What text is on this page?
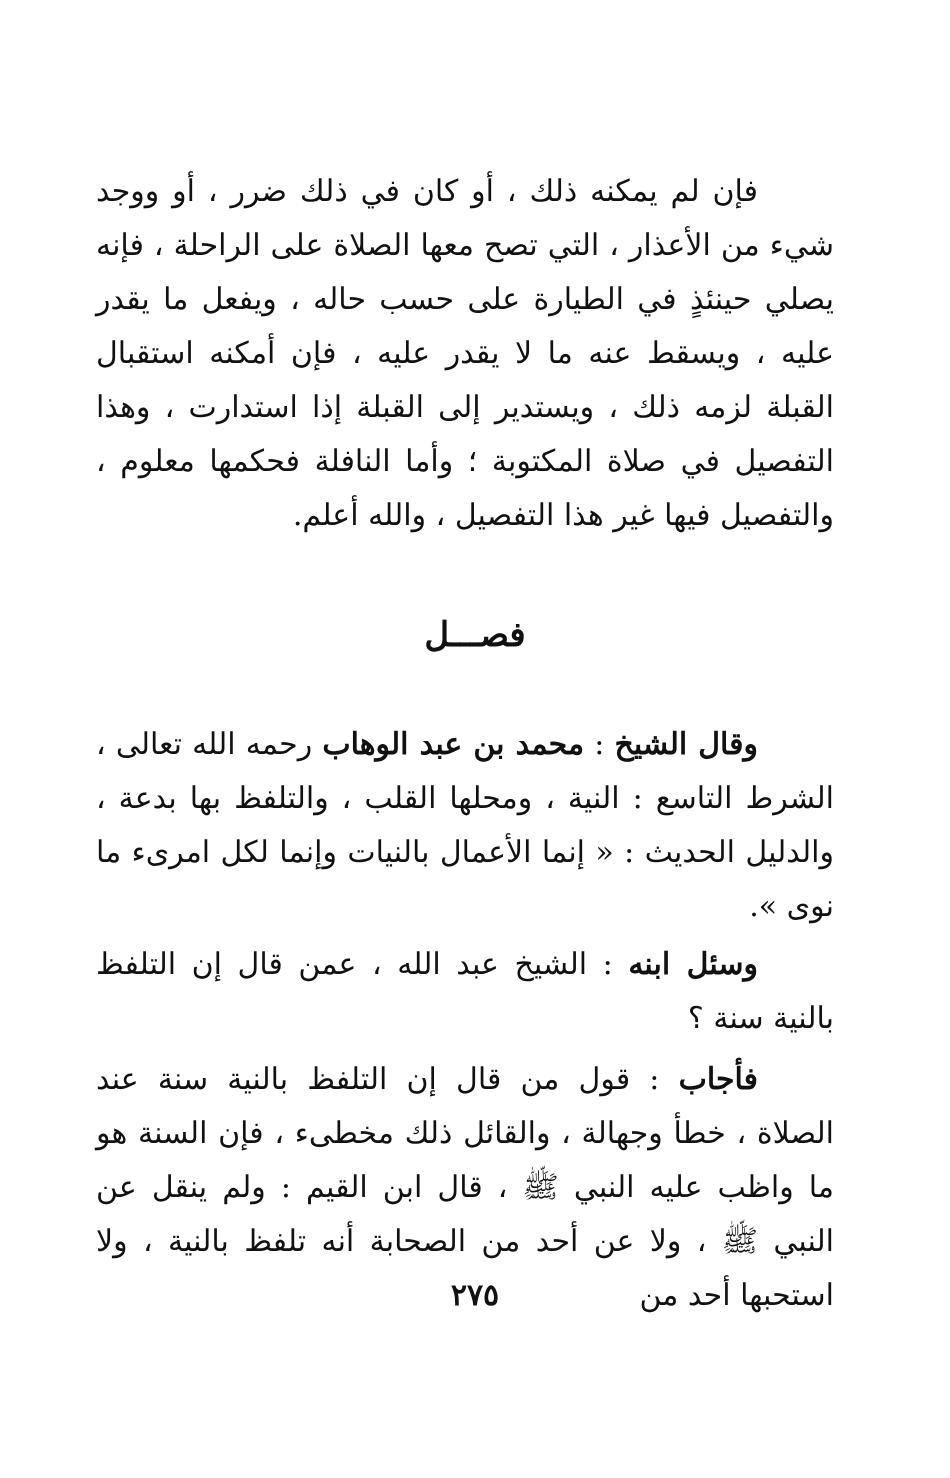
فإن لم يمكنه ذلك ، أو كان في ذلك ضرر ، أو ووجد شيء من الأعذار ، التي تصح معها الصلاة على الراحلة ، فإنه يصلي حينئذٍ في الطيارة على حسب حاله ، ويفعل ما يقدر عليه ، ويسقط عنه ما لا يقدر عليه ، فإن أمكنه استقبال القبلة لزمه ذلك ، ويستدير إلى القبلة إذا استدارت ، وهذا التفصيل في صلاة المكتوبة ؛ وأما النافلة فحكمها معلوم ، والتفصيل فيها غير هذا التفصيل ، والله أعلم.

فصـــل

وقال الشيخ : محمد بن عبد الوهاب رحمه الله تعالى ، الشرط التاسع : النية ، ومحلها القلب ، والتلفظ بها بدعة ، والدليل الحديث : « إنما الأعمال بالنيات وإنما لكل امرىء ما نوى ».

وسئل ابنه : الشيخ عبد الله ، عمن قال إن التلفظ بالنية سنة ؟

فأجاب : قول من قال إن التلفظ بالنية سنة عند الصلاة ، خطأ وجهالة ، والقائل ذلك مخطىء ، فإن السنة هو ما واظب عليه النبي ﷺ ، قال ابن القيم : ولم ينقل عن النبي ﷺ ، ولا عن أحد من الصحابة أنه تلفظ بالنية ، ولا استحبها أحد من

٢٧٥
